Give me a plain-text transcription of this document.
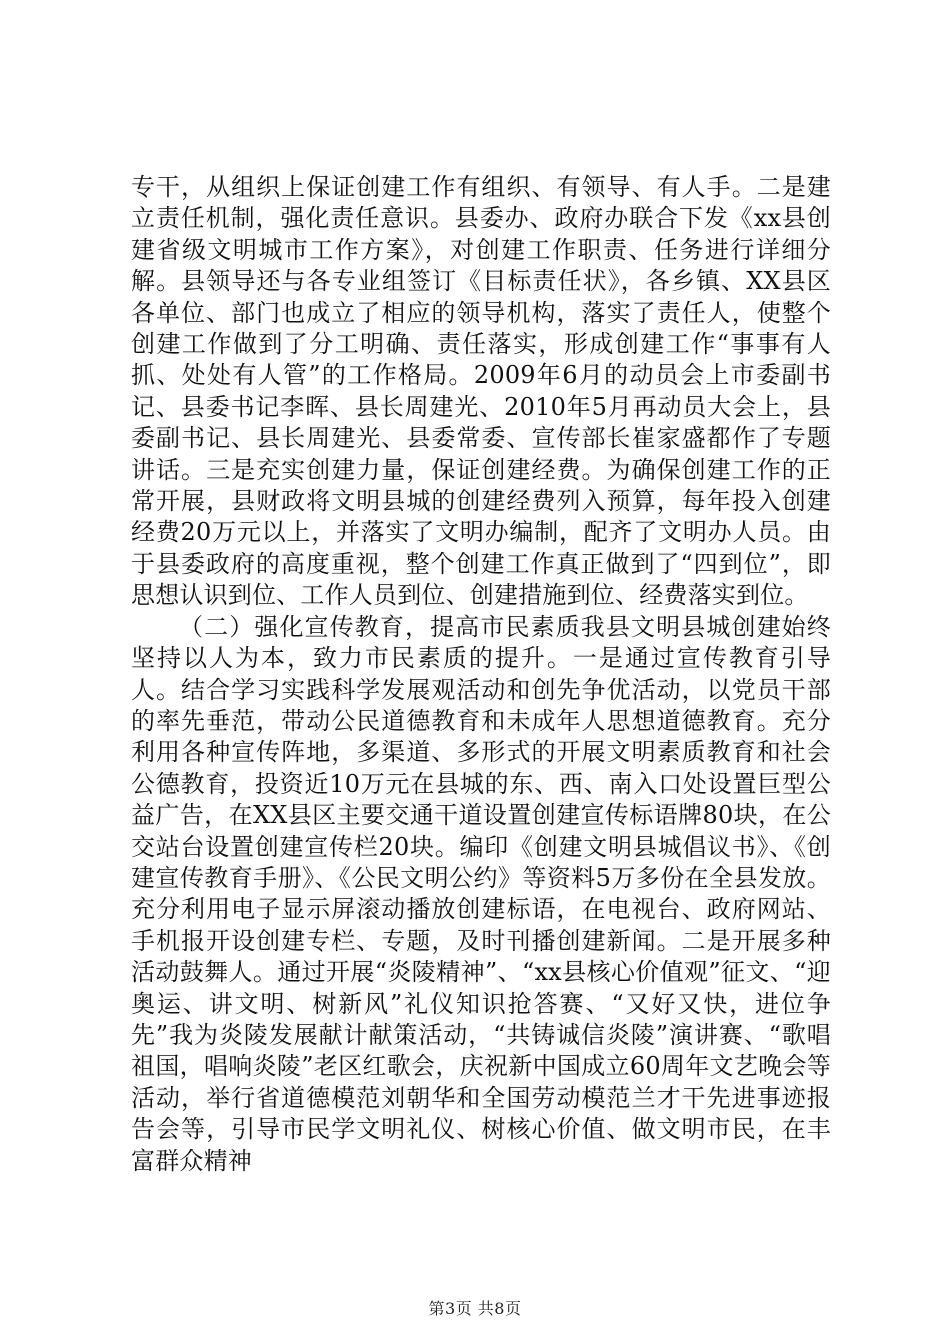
专干，从组织上保证创建工作有组织、有领导、有人手。二是建立责任机制，强化责任意识。县委办、政府办联合下发《xx县创建省级文明城市工作方案》，对创建工作职责、任务进行详细分解。县领导还与各专业组签订《目标责任状》，各乡镇、XX县区各单位、部门也成立了相应的领导机构，落实了责任人，使整个创建工作做到了分工明确、责任落实，形成创建工作“事事有人抓、处处有人管”的工作格局。2009年6月的动员会上市委副书记、县委书记李晖、县长周建光、2010年5月再动员大会上，县委副书记、县长周建光、县委常委、宣传部长崔家盛都作了专题讲话。三是充实创建力量，保证创建经费。为确保创建工作的正常开展，县财政将文明县城的创建经费列入预算，每年投入创建经费20万元以上，并落实了文明办编制，配齐了文明办人员。由于县委政府的高度重视，整个创建工作真正做到了“四到位”，即思想认识到位、工作人员到位、创建措施到位、经费落实到位。

（二）强化宣传教育，提高市民素质我县文明县城创建始终坚持以人为本，致力市民素质的提升。一是通过宣传教育引导人。结合学习实践科学发展观活动和创先争优活动，以党员干部的率先垂范，带动公民道德教育和未成年人思想道德教育。充分利用各种宣传阵地，多渠道、多形式的开展文明素质教育和社会公德教育，投资近10万元在县城的东、西、南入口处设置巨型公益广告，在XX县区主要交通干道设置创建宣传标语牌80块，在公交站台设置创建宣传栏20块。编印《创建文明县城倡议书》、《创建宣传教育手册》、《公民文明公约》等资料5万多份在全县发放。充分利用电子显示屏滚动播放创建标语，在电视台、政府网站、手机报开设创建专栏、专题，及时刊播创建新闻。二是开展多种活动鼓舞人。通过开展“炎陵精神”、“xx县核心价值观”征文、“迎奥运、讲文明、树新风”礼仪知识抢答赛、“又好又快，进位争先”我为炎陵发展献计献策活动，“共铸诚信炎陵”演讲赛、“歌唱祖国，唱响炎陵”老区红歌会，庆祝新中国成立60周年文艺晚会等活动，举行省道德模范刘朝华和全国劳动模范兰才干先进事迹报告会等，引导市民学文明礼仪、树核心价值、做文明市民，在丰富群众精神

第3页 共8页
